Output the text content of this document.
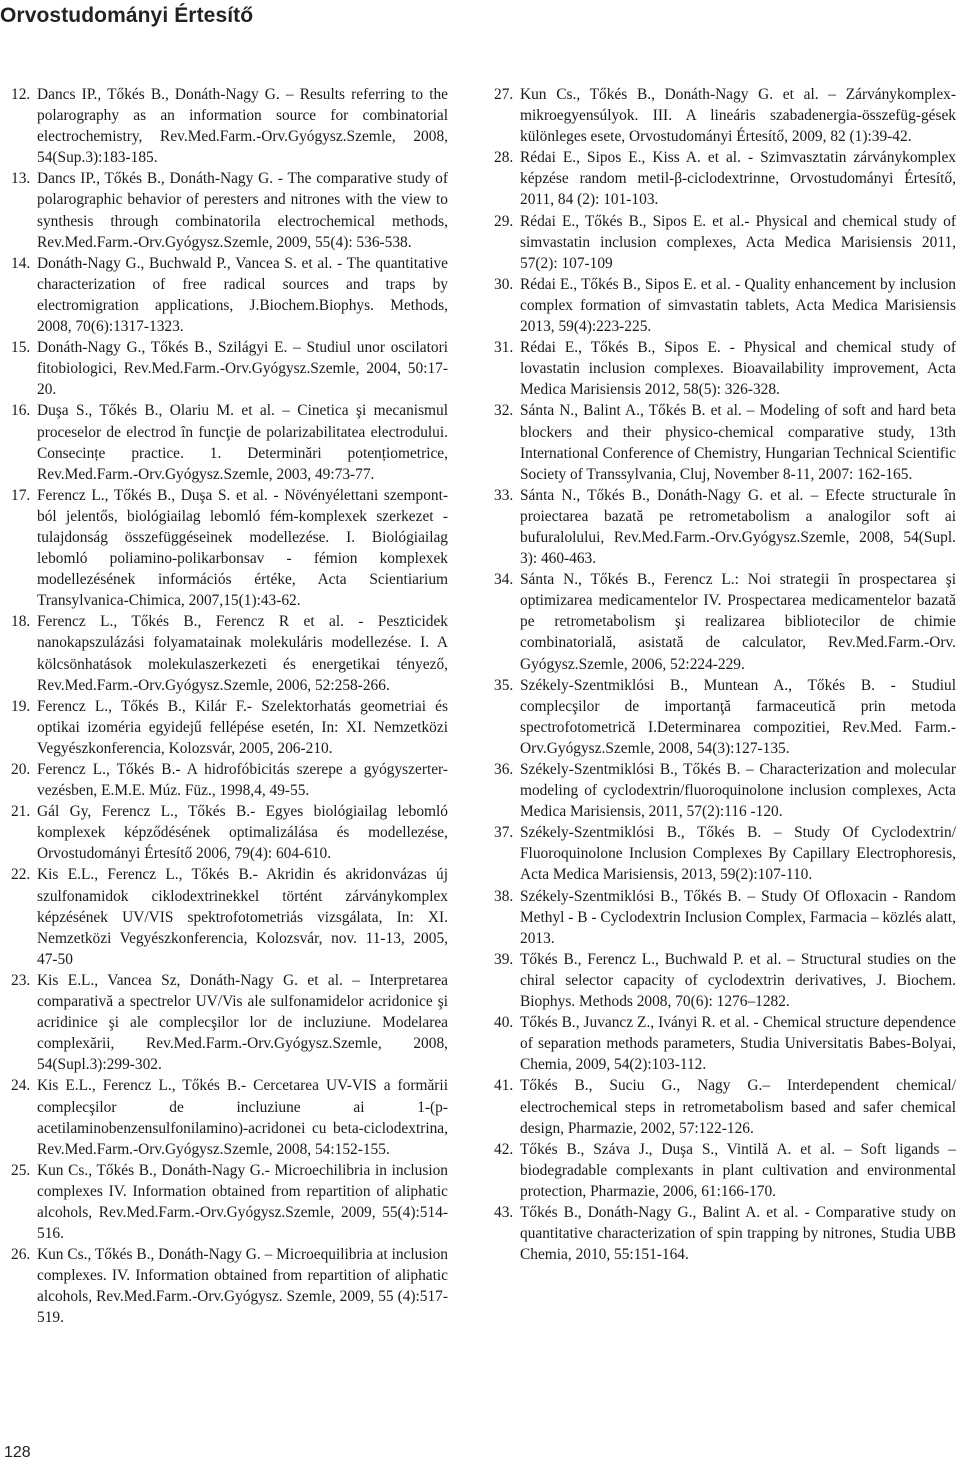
Orvostudományi Értesítő
12. Dancs IP., Tőkés B., Donáth-Nagy G. – Results referring to the polarography as an information source for combinatorial electrochemistry, Rev.Med.Farm.-Orv.Gyógysz.Szemle, 2008, 54(Sup.3):183-185.
13. Dancs IP., Tőkés B., Donáth-Nagy G. - The comparative study of polarographic behavior of peresters and nitrones with the view to synthesis through combinatorila electrochemical methods, Rev.Med.Farm.-Orv.Gyógysz.Szemle, 2009, 55(4): 536-538.
14. Donáth-Nagy G., Buchwald P., Vancea S. et al. - The quantitative characterization of free radical sources and traps by electromigration applications, J.Biochem.Biophys. Methods, 2008, 70(6):1317-1323.
15. Donáth-Nagy G., Tőkés B., Szilágyi E. – Studiul unor oscilatori fitobiologici, Rev.Med.Farm.-Orv.Gyógysz.Szemle, 2004, 50:17-20.
16. Duşa S., Tőkés B., Olariu M. et al. – Cinetica şi mecanismul proceselor de electrod în funcţie de polarizabilitatea electrodului. Consecințe practice. 1. Determinări potențiometrice, Rev.Med.Farm.-Orv.Gyógysz.Szemle, 2003, 49:73-77.
17. Ferencz L., Tőkés B., Duşa S. et al. - Növényélettani szempont-ból jelentős, biológiailag lebomló fém-komplexek szerkezet - tulajdonság összefüggéseinek modellezése. I. Biológiailag lebomló poliamino-polikarbonsav - fémion komplexek modellezésének információs értéke, Acta Scientiarium Transylvanica-Chimica, 2007,15(1):43-62.
18. Ferencz L., Tőkés B., Ferencz R et al. - Peszticidek nanokapszulázási folyamatainak molekuláris modellezése. I. A kölcsönhatások molekulaszerkezeti és energetikai tényező, Rev.Med.Farm.-Orv.Gyógysz.Szemle, 2006, 52:258-266.
19. Ferencz L., Tőkés B., Kilár F.- Szelektorhatás geometriai és optikai izoméria egyidejű fellépése esetén, In: XI. Nemzetközi Vegyészkonferencia, Kolozsvár, 2005, 206-210.
20. Ferencz L., Tőkés B.- A hidrofóbicitás szerepe a gyógyszerter-vezésben, E.M.E. Múz. Füz., 1998,4, 49-55.
21. Gál Gy, Ferencz L., Tőkés B.- Egyes biológiailag lebomló komplexek képződésének optimalizálása és modellezése, Orvostudományi Értesítő 2006, 79(4): 604-610.
22. Kis E.L., Ferencz L., Tőkés B.- Akridin és akridonvázas új szulfonamidok ciklodextrinekkel történt zárványkomplex képzésének UV/VIS spektrofotometriás vizsgálata, In: XI. Nemzetközi Vegyészkonferencia, Kolozsvár, nov. 11-13, 2005, 47-50
23. Kis E.L., Vancea Sz, Donáth-Nagy G. et al. – Interpretarea comparativă a spectrelor UV/Vis ale sulfonamidelor acridonice şi acridinice şi ale complecşilor lor de incluziune. Modelarea complexării, Rev.Med.Farm.-Orv.Gyógysz.Szemle, 2008, 54(Supl.3):299-302.
24. Kis E.L., Ferencz L., Tőkés B.- Cercetarea UV-VIS a formării complecşilor de incluziune ai 1-(p-acetilaminobenzensulfonilamino)-acridonei cu beta-ciclodextrina, Rev.Med.Farm.-Orv.Gyógysz.Szemle, 2008, 54:152-155.
25. Kun Cs., Tőkés B., Donáth-Nagy G.- Microechilibria in inclusion complexes IV. Information obtained from repartition of aliphatic alcohols, Rev.Med.Farm.-Orv.Gyógysz.Szemle, 2009, 55(4):514-516.
26. Kun Cs., Tőkés B., Donáth-Nagy G. – Microequilibria at inclusion complexes. IV. Information obtained from repartition of aliphatic alcohols, Rev.Med.Farm.-Orv.Gyógysz. Szemle, 2009, 55 (4):517-519.
27. Kun Cs., Tőkés B., Donáth-Nagy G. et al. – Zárványkomplex-mikroegyensúlyok. III. A lineáris szabadenergia-összefüg-gések különleges esete, Orvostudományi Értesítő, 2009, 82 (1):39-42.
28. Rédai E., Sipos E., Kiss A. et al. - Szimvasztatin zárványkomplex képzése random metil-β-ciclodextrinne, Orvostudományi Értesítő, 2011, 84 (2): 101-103.
29. Rédai E., Tőkés B., Sipos E. et al.- Physical and chemical study of simvastatin inclusion complexes, Acta Medica Marisiensis 2011, 57(2): 107-109
30. Rédai E., Tőkés B., Sipos E. et al. - Quality enhancement by inclusion complex formation of simvastatin tablets, Acta Medica Marisiensis 2013, 59(4):223-225.
31. Rédai E., Tőkés B., Sipos E. - Physical and chemical study of lovastatin inclusion complexes. Bioavailability improvement, Acta Medica Marisiensis 2012, 58(5): 326-328.
32. Sánta N., Balint A., Tőkés B. et al. – Modeling of soft and hard beta blockers and their physico-chemical comparative study, 13th International Conference of Chemistry, Hungarian Technical Scientific Society of Transsylvania, Cluj, November 8-11, 2007: 162-165.
33. Sánta N., Tőkés B., Donáth-Nagy G. et al. – Efecte structurale în proiectarea bazată pe retrometabolism a analogilor soft ai bufuralolului, Rev.Med.Farm.-Orv.Gyógysz.Szemle, 2008, 54(Supl. 3): 460-463.
34. Sánta N., Tőkés B., Ferencz L.: Noi strategii în prospectarea şi optimizarea medicamentelor IV. Prospectarea medicamentelor bazată pe retrometabolism şi realizarea bibliotecilor de chimie combinatorială, asistată de calculator, Rev.Med.Farm.-Orv. Gyógysz.Szemle, 2006, 52:224-229.
35. Székely-Szentmiklósi B., Muntean A., Tőkés B. - Studiul complecşilor de importanţă farmaceutică prin metoda spectrofotometrică I.Determinarea compozitiei, Rev.Med. Farm.-Orv.Gyógysz.Szemle, 2008, 54(3):127-135.
36. Székely-Szentmiklósi B., Tőkés B. – Characterization and molecular modeling of cyclodextrin/fluoroquinolone inclusion complexes, Acta Medica Marisiensis, 2011, 57(2):116 -120.
37. Székely-Szentmiklósi B., Tőkés B. – Study Of Cyclodextrin/ Fluoroquinolone Inclusion Complexes By Capillary Electrophoresis, Acta Medica Marisiensis, 2013, 59(2):107-110.
38. Székely-Szentmiklósi B., Tőkés B. – Study Of Ofloxacin - Random Methyl - B - Cyclodextrin Inclusion Complex, Farmacia – közlés alatt, 2013.
39. Tőkés B., Ferencz L., Buchwald P. et al. – Structural studies on the chiral selector capacity of cyclodextrin derivatives, J. Biochem. Biophys. Methods 2008, 70(6): 1276–1282.
40. Tőkés B., Juvancz Z., Iványi R. et al. - Chemical structure dependence of separation methods parameters, Studia Universitatis Babes-Bolyai, Chemia, 2009, 54(2):103-112.
41. Tőkés B., Suciu G., Nagy G.– Interdependent chemical/ electrochemical steps in retrometabolism based and safer chemical design, Pharmazie, 2002, 57:122-126.
42. Tőkés B., Száva J., Duşa S., Vintilă A. et al. – Soft ligands – biodegradable complexants in plant cultivation and environmental protection, Pharmazie, 2006, 61:166-170.
43. Tőkés B., Donáth-Nagy G., Balint A. et al. - Comparative study on quantitative characterization of spin trapping by nitrones, Studia UBB Chemia, 2010, 55:151-164.
128
